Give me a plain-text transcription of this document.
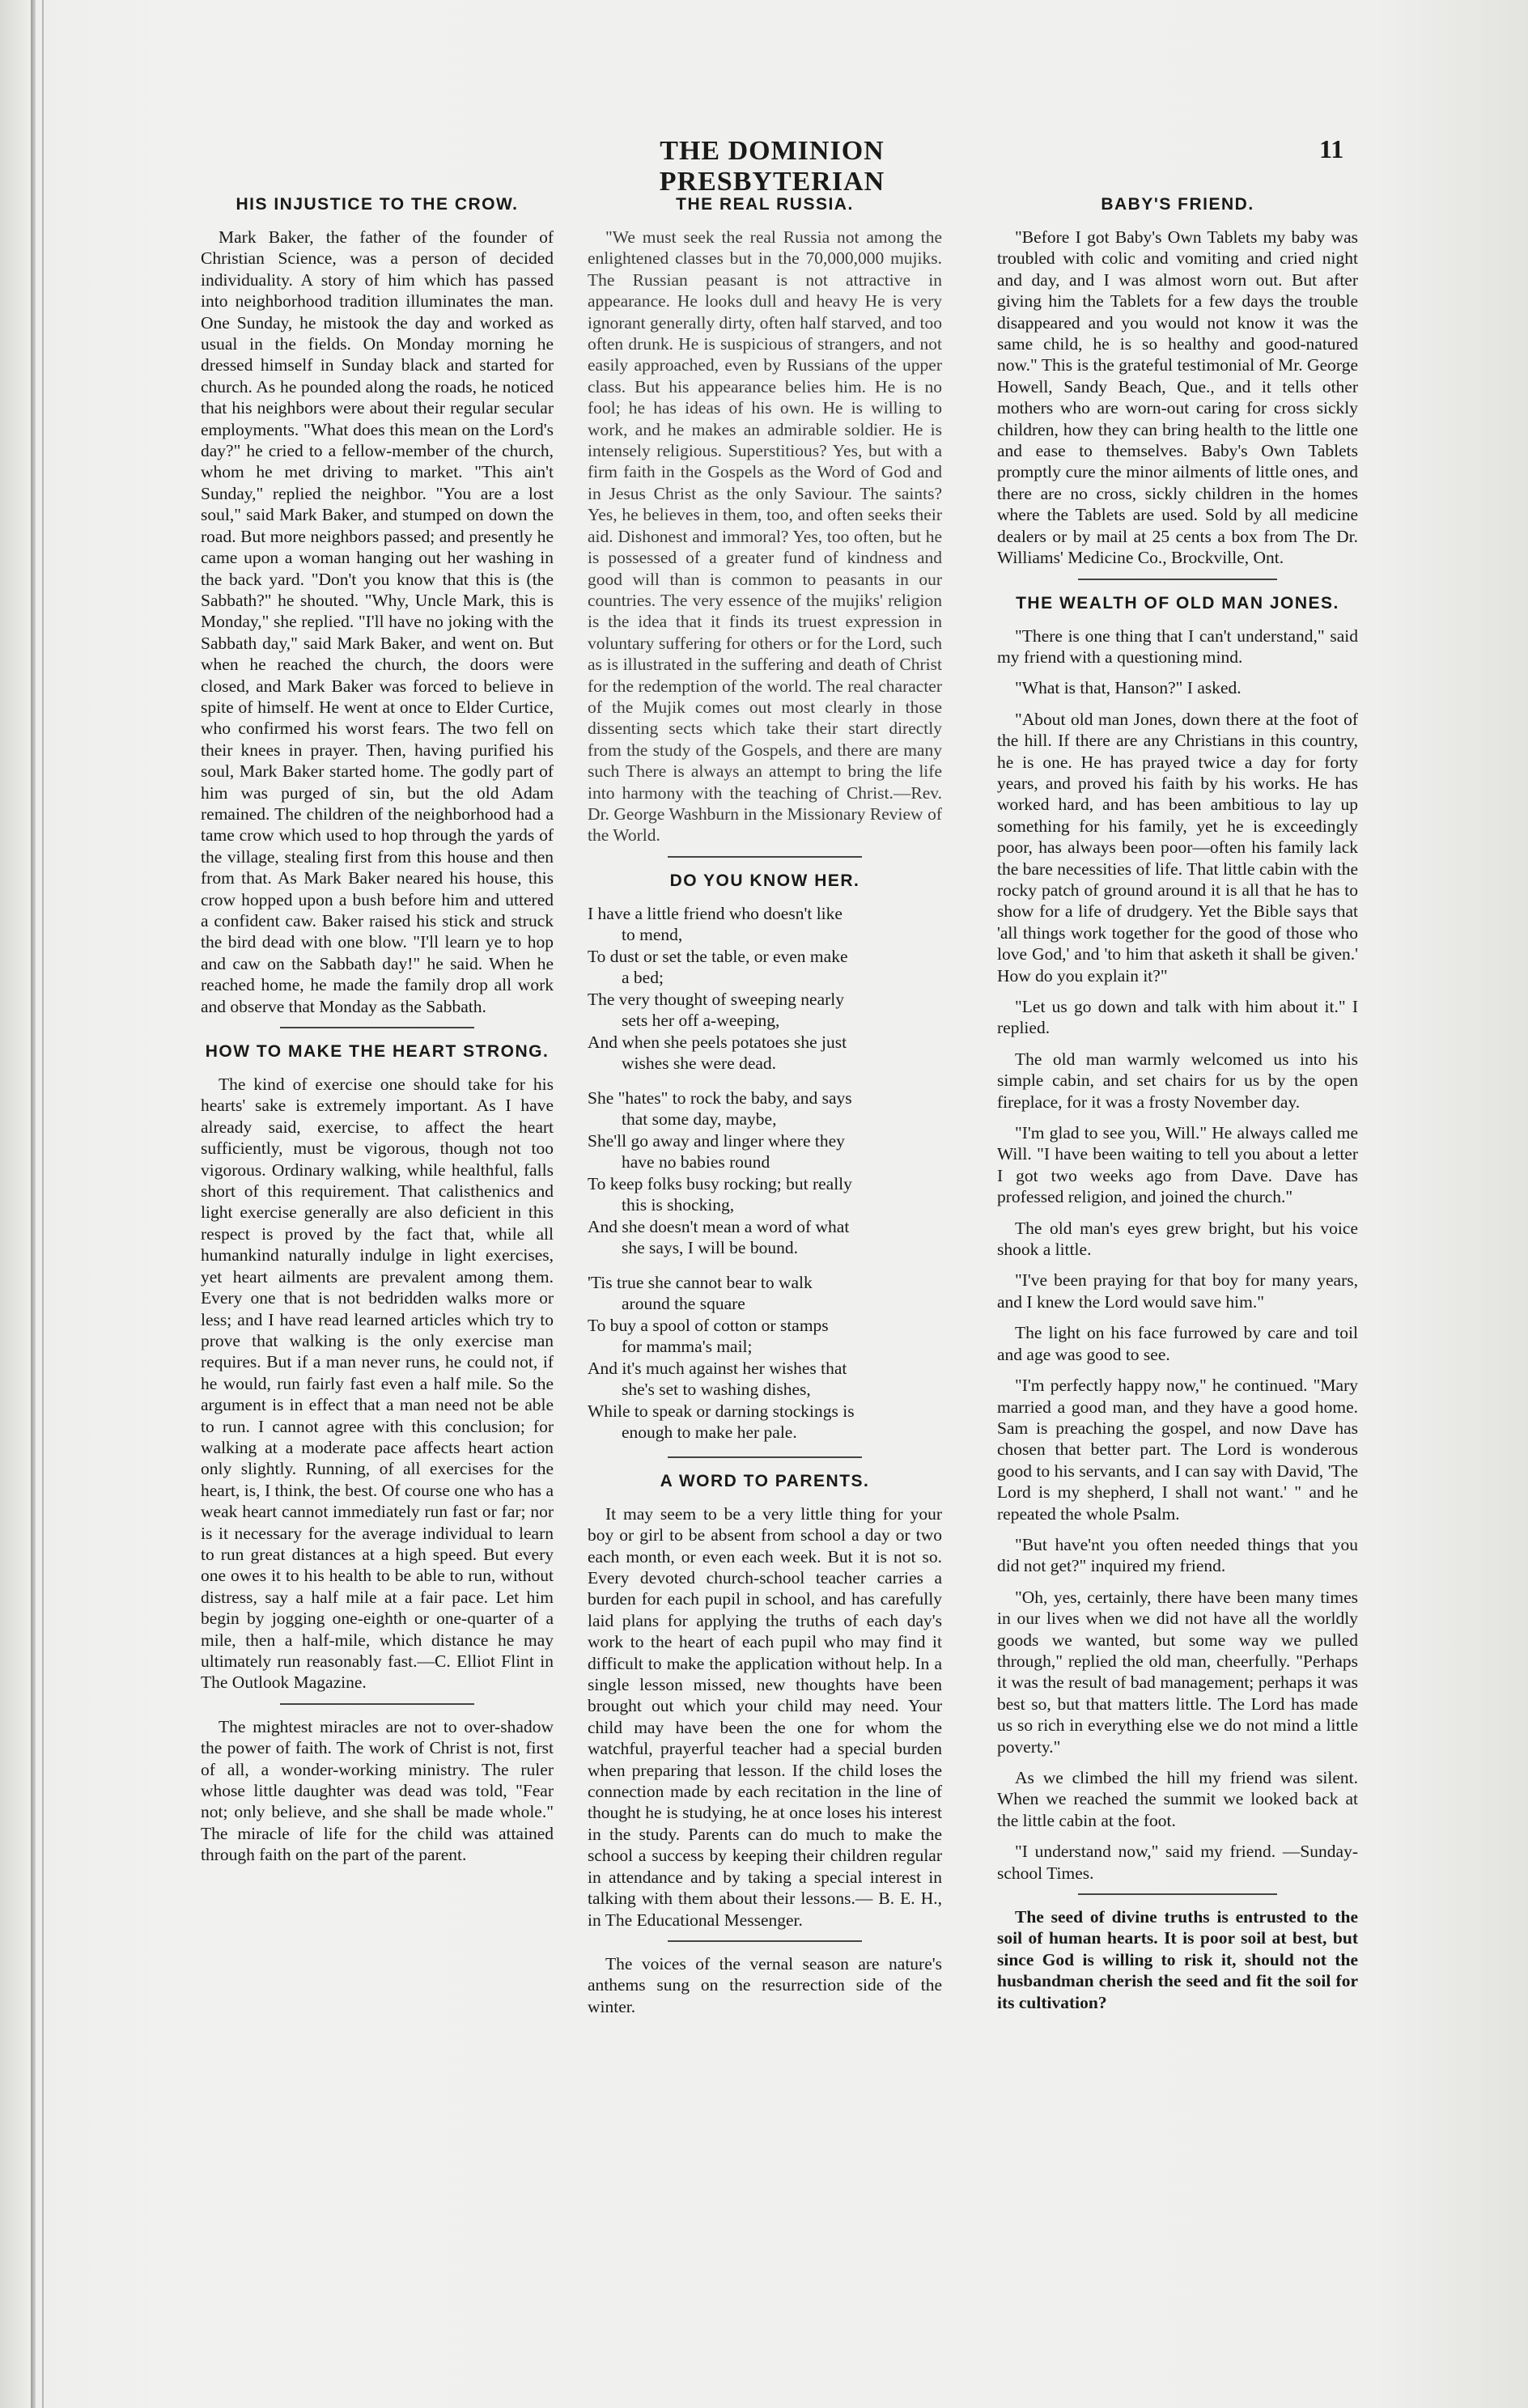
THE DOMINION PRESBYTERIAN
11
HIS INJUSTICE TO THE CROW.

Mark Baker, the father of the founder of Christian Science, was a person of decided individuality. A story of him which has passed into neighborhood tradition illuminates the man. One Sunday, he mistook the day and worked as usual in the fields. On Monday morning he dressed himself in Sunday black and started for church. As he pounded along the roads, he noticed that his neighbors were about their regular secular employments. "What does this mean on the Lord's day?" he cried to a fellow-member of the church, whom he met driving to market. "This ain't Sunday," replied the neighbor. "You are a lost soul," said Mark Baker, and stumped on down the road. But more neighbors passed; and presently he came upon a woman hanging out her washing in the back yard. "Don't you know that this is (the Sabbath?" he shouted. "Why, Uncle Mark, this is Monday," she replied. "I'll have no joking with the Sabbath day," said Mark Baker, and went on. But when he reached the church, the doors were closed, and Mark Baker was forced to believe in spite of himself. He went at once to Elder Curtice, who confirmed his worst fears. The two fell on their knees in prayer. Then, having purified his soul, Mark Baker started home. The godly part of him was purged of sin, but the old Adam remained. The children of the neighborhood had a tame crow which used to hop through the yards of the village, stealing first from this house and then from that. As Mark Baker neared his house, this crow hopped upon a bush before him and uttered a confident caw. Baker raised his stick and struck the bird dead with one blow. "I'll learn ye to hop and caw on the Sabbath day!" he said. When he reached home, he made the family drop all work and observe that Monday as the Sabbath.

HOW TO MAKE THE HEART STRONG.

The kind of exercise one should take for his hearts' sake is extremely important. As I have already said, exercise, to affect the heart sufficiently, must be vigorous, though not too vigorous. Ordinary walking, while healthful, falls short of this requirement. That calisthenics and light exercise generally are also deficient in this respect is proved by the fact that, while all humankind naturally indulge in light exercises, yet heart ailments are prevalent among them. Every one that is not bedridden walks more or less; and I have read learned articles which try to prove that walking is the only exercise man requires. But if a man never runs, he could not, if he would, run fairly fast even a half mile. So the argument is in effect that a man need not be able to run. I cannot agree with this conclusion; for walking at a moderate pace affects heart action only slightly. Running, of all exercises for the heart, is, I think, the best. Of course one who has a weak heart cannot immediately run fast or far; nor is it necessary for the average individual to learn to run great distances at a high speed. But every one owes it to his health to be able to run, without distress, say a half mile at a fair pace. Let him begin by jogging one-eighth or one-quarter of a mile, then a half-mile, which distance he may ultimately run reasonably fast.—C. Elliot Flint in The Outlook Magazine.

The mightest miracles are not to over-shadow the power of faith. The work of Christ is not, first of all, a wonder-working ministry. The ruler whose little daughter was dead was told, "Fear not; only believe, and she shall be made whole." The miracle of life for the child was attained through faith on the part of the parent.

THE REAL RUSSIA.

"We must seek the real Russia not among the enlightened classes but in the 70,000,000 mujiks. The Russian peasant is not attractive in appearance. He looks dull and heavy He is very ignorant generally dirty, often half starved, and too often drunk. He is suspicious of strangers, and not easily approached, even by Russians of the upper class. But his appearance belies him. He is no fool; he has ideas of his own. He is willing to work, and he makes an admirable soldier. He is intensely religious. Superstitious? Yes, but with a firm faith in the Gospels as the Word of God and in Jesus Christ as the only Saviour. The saints? Yes, he believes in them, too, and often seeks their aid. Dishonest and immoral? Yes, too often, but he is possessed of a greater fund of kindness and good will than is common to peasants in our countries. The very essence of the mujiks' religion is the idea that it finds its truest expression in voluntary suffering for others or for the Lord, such as is illustrated in the suffering and death of Christ for the redemption of the world. The real character of the Mujik comes out most clearly in those dissenting sects which take their start directly from the study of the Gospels, and there are many such There is always an attempt to bring the life into harmony with the teaching of Christ.—Rev. Dr. George Washburn in the Missionary Review of the World.

DO YOU KNOW HER.
I have a little friend who doesn't like
to mend,
To dust or set the table, or even make
a bed;
The very thought of sweeping nearly
sets her off a-weeping,
And when she peels potatoes she just
wishes she were dead.
She "hates" to rock the baby, and says
that some day, maybe,
She'll go away and linger where they
have no babies round
To keep folks busy rocking; but really
this is shocking,
And she doesn't mean a word of what
she says, I will be bound.
'Tis true she cannot bear to walk
around the square
To buy a spool of cotton or stamps
for mamma's mail;
And it's much against her wishes that
she's set to washing dishes,
While to speak or darning stockings is
enough to make her pale.
A WORD TO PARENTS.

It may seem to be a very little thing for your boy or girl to be absent from school a day or two each month, or even each week. But it is not so. Every devoted church-school teacher carries a burden for each pupil in school, and has carefully laid plans for applying the truths of each day's work to the heart of each pupil who may find it difficult to make the application without help. In a single lesson missed, new thoughts have been brought out which your child may need. Your child may have been the one for whom the watchful, prayerful teacher had a special burden when preparing that lesson. If the child loses the connection made by each recitation in the line of thought he is studying, he at once loses his interest in the study. Parents can do much to make the school a success by keeping their children regular in attendance and by taking a special interest in talking with them about their lessons.— B. E. H., in The Educational Messenger.

The voices of the vernal season are nature's anthems sung on the resurrection side of the winter.

BABY'S FRIEND.

"Before I got Baby's Own Tablets my baby was troubled with colic and vomiting and cried night and day, and I was almost worn out. But after giving him the Tablets for a few days the trouble disappeared and you would not know it was the same child, he is so healthy and good-natured now." This is the grateful testimonial of Mr. George Howell, Sandy Beach, Que., and it tells other mothers who are worn-out caring for cross sickly children, how they can bring health to the little one and ease to themselves. Baby's Own Tablets promptly cure the minor ailments of little ones, and there are no cross, sickly children in the homes where the Tablets are used. Sold by all medicine dealers or by mail at 25 cents a box from The Dr. Williams' Medicine Co., Brockville, Ont.

THE WEALTH OF OLD MAN JONES.

"There is one thing that I can't understand," said my friend with a questioning mind.

"What is that, Hanson?" I asked.

"About old man Jones, down there at the foot of the hill. If there are any Christians in this country, he is one. He has prayed twice a day for forty years, and proved his faith by his works. He has worked hard, and has been ambitious to lay up something for his family, yet he is exceedingly poor, has always been poor—often his family lack the bare necessities of life. That little cabin with the rocky patch of ground around it is all that he has to show for a life of drudgery. Yet the Bible says that 'all things work together for the good of those who love God,' and 'to him that asketh it shall be given.' How do you explain it?"

"Let us go down and talk with him about it." I replied.

The old man warmly welcomed us into his simple cabin, and set chairs for us by the open fireplace, for it was a frosty November day.

"I'm glad to see you, Will." He always called me Will. "I have been waiting to tell you about a letter I got two weeks ago from Dave. Dave has professed religion, and joined the church."

The old man's eyes grew bright, but his voice shook a little.

"I've been praying for that boy for many years, and I knew the Lord would save him."

The light on his face furrowed by care and toil and age was good to see.

"I'm perfectly happy now," he continued. "Mary married a good man, and they have a good home. Sam is preaching the gospel, and now Dave has chosen that better part. The Lord is wonderous good to his servants, and I can say with David, 'The Lord is my shepherd, I shall not want.' " and he repeated the whole Psalm.

"But have'nt you often needed things that you did not get?" inquired my friend.

"Oh, yes, certainly, there have been many times in our lives when we did not have all the worldly goods we wanted, but some way we pulled through," replied the old man, cheerfully. "Perhaps it was the result of bad management; perhaps it was best so, but that matters little. The Lord has made us so rich in everything else we do not mind a little poverty."

As we climbed the hill my friend was silent. When we reached the summit we looked back at the little cabin at the foot.

"I understand now," said my friend. —Sunday-school Times.

The seed of divine truths is entrusted to the soil of human hearts. It is poor soil at best, but since God is willing to risk it, should not the husbandman cherish the seed and fit the soil for its cultivation?
